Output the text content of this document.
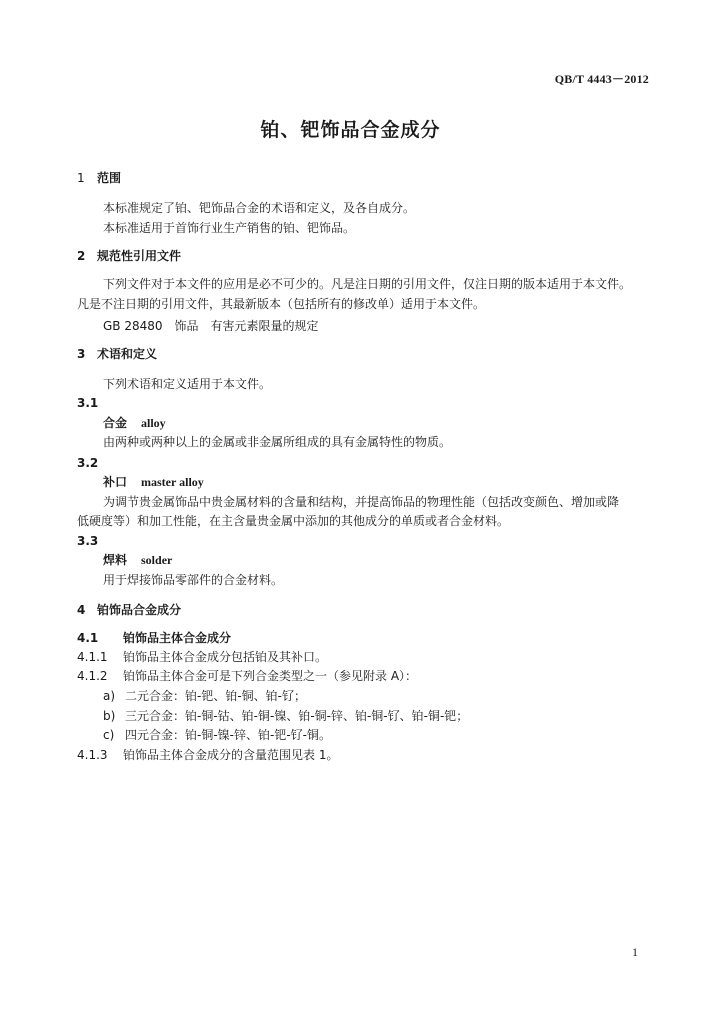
QB/T 4443－2012
铂、钯饰品合金成分
1 范围
本标准规定了铂、钯饰品合金的术语和定义，及各自成分。
本标准适用于首饰行业生产销售的铂、钯饰品。
2 规范性引用文件
下列文件对于本文件的应用是必不可少的。凡是注日期的引用文件，仅注日期的版本适用于本文件。
凡是不注日期的引用文件，其最新版本（包括所有的修改单）适用于本文件。
GB 28480　饰品　有害元素限量的规定
3 术语和定义
下列术语和定义适用于本文件。
3.1
合金 alloy
由两种或两种以上的金属或非金属所组成的具有金属特性的物质。
3.2
补口 master alloy
为调节贵金属饰品中贵金属材料的含量和结构，并提高饰品的物理性能（包括改变颜色、增加或降
低硬度等）和加工性能，在主含量贵金属中添加的其他成分的单质或者合金材料。
3.3
焊料 solder
用于焊接饰品零部件的合金材料。
4 铂饰品合金成分
4.1 铂饰品主体合金成分
4.1.1 铂饰品主体合金成分包括铂及其补口。
4.1.2 铂饰品主体合金可是下列合金类型之一（参见附录 A）：
a) 二元合金：铂-钯、铂-铜、铂-钌；
b) 三元合金：铂-铜-钴、铂-铜-镍、铂-铜-锌、铂-铜-钌、铂-铜-钯；
c) 四元合金：铂-铜-镍-锌、铂-钯-钌-铜。
4.1.3 铂饰品主体合金成分的含量范围见表 1。
1
